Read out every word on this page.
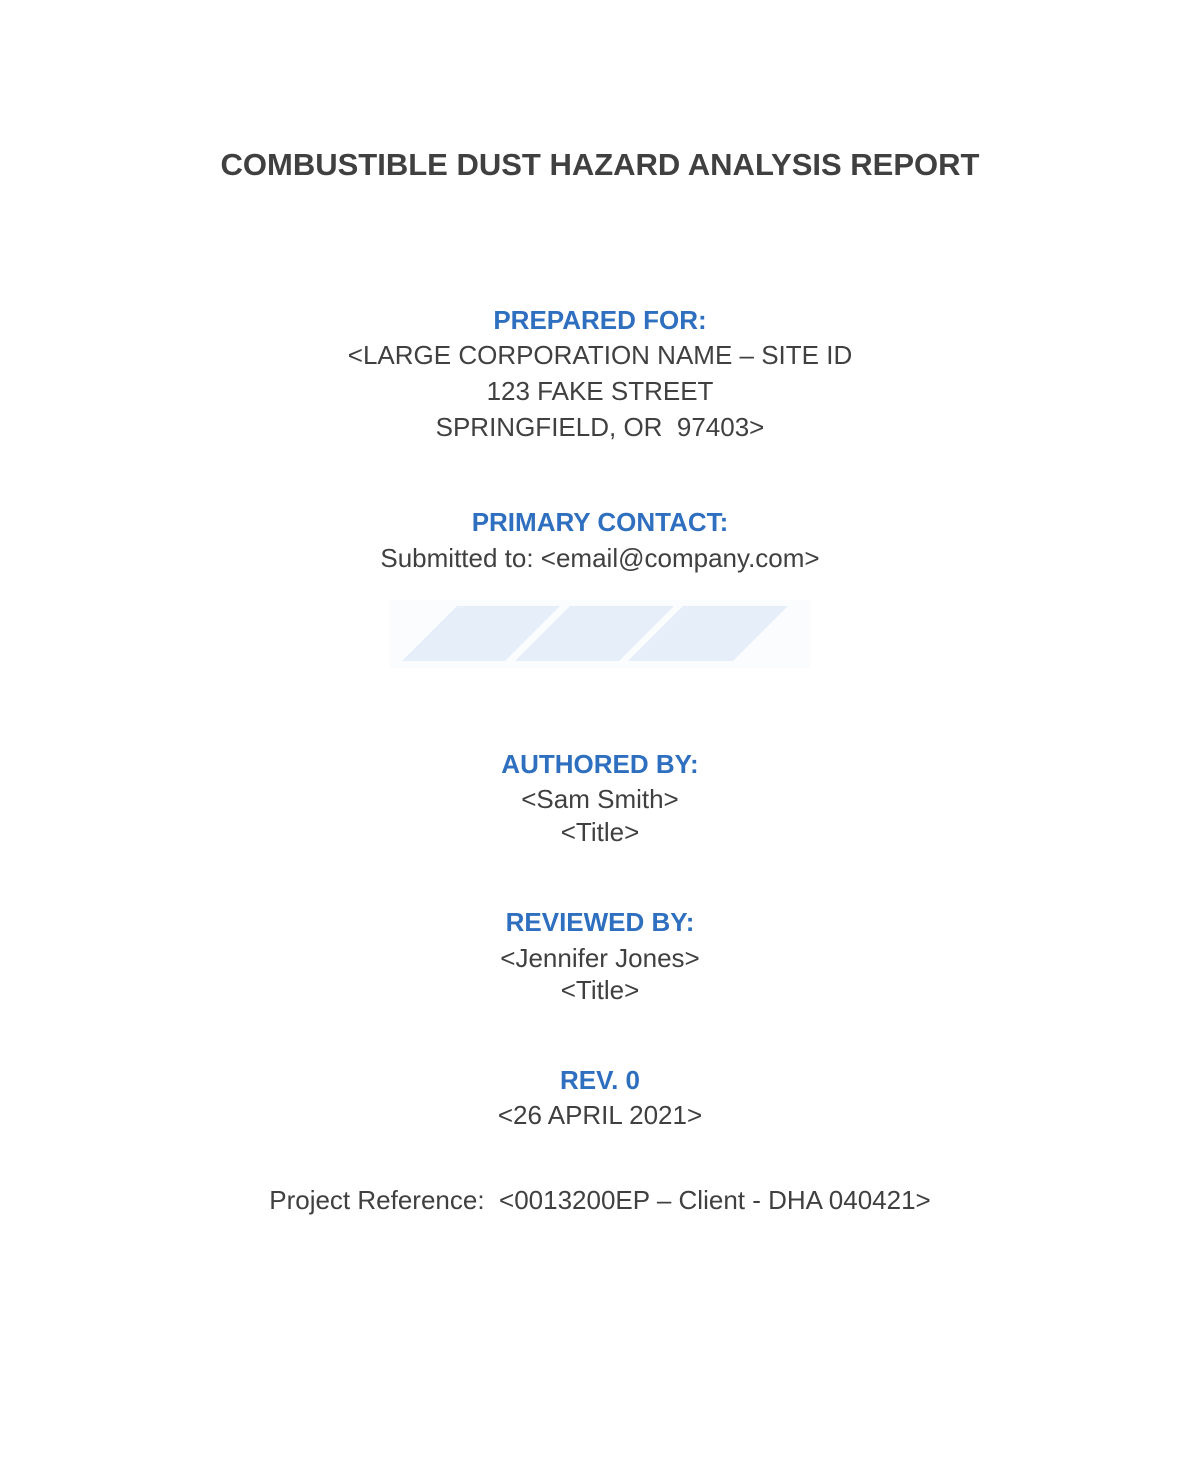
COMBUSTIBLE DUST HAZARD ANALYSIS REPORT
PREPARED FOR:
<LARGE CORPORATION NAME – SITE ID
123 FAKE STREET
SPRINGFIELD, OR  97403>
PRIMARY CONTACT:
Submitted to: <email@company.com>
AUTHORED BY:
<Sam Smith>
<Title>
REVIEWED BY:
<Jennifer Jones>
<Title>
REV. 0
<26 APRIL 2021>
Project Reference:  <0013200EP – Client - DHA 040421>
